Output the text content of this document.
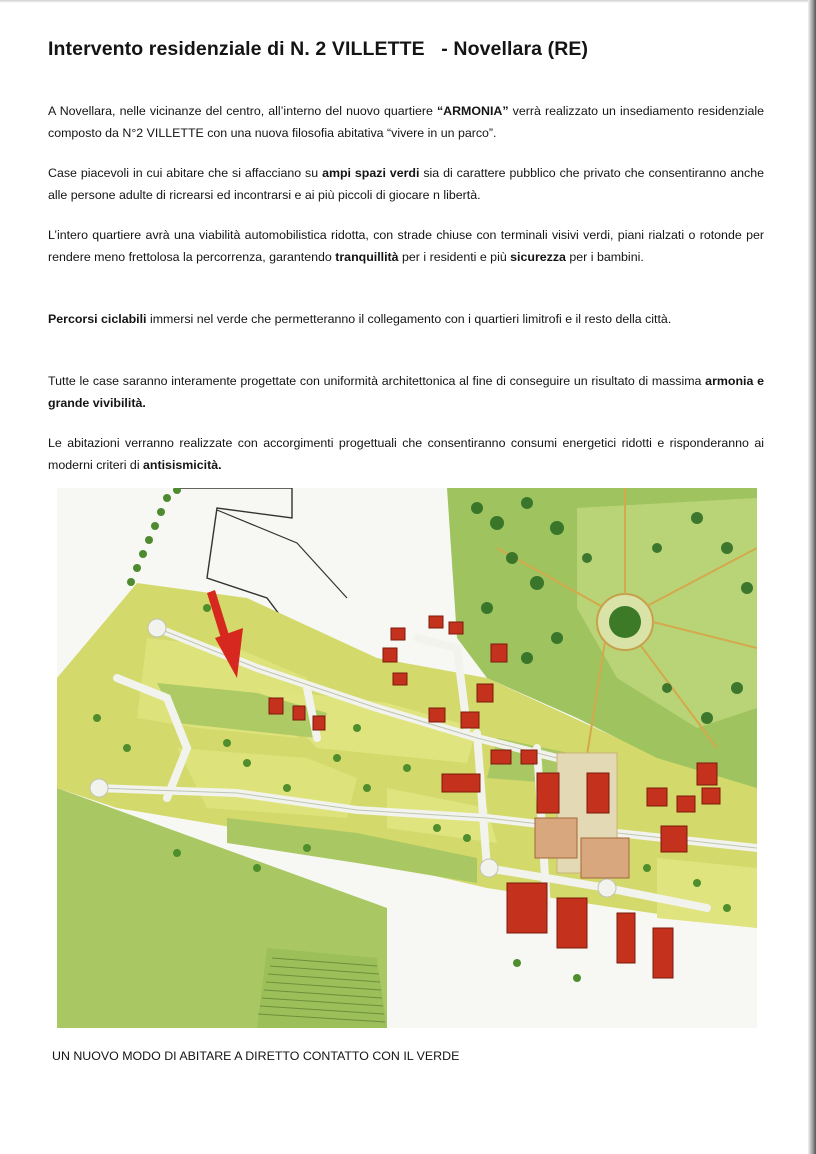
Intervento residenziale di N. 2 VILLETTE   - Novellara (RE)

A Novellara, nelle vicinanze del centro, all’interno del nuovo quartiere “ARMONIA” verrà realizzato un insediamento residenziale composto da N°2 VILLETTE con una nuova filosofia abitativa “vivere in un parco”.

Case piacevoli in cui abitare che si affacciano su ampi spazi verdi sia di carattere pubblico che privato che consentiranno anche alle persone adulte di ricrearsi ed incontrarsi e ai più piccoli di giocare n libertà.

L’intero quartiere avrà una viabilità automobilistica ridotta, con strade chiuse con terminali visivi verdi, piani rialzati o rotonde per rendere meno frettolosa la percorrenza, garantendo tranquillità per i residenti e più sicurezza per i bambini.

Percorsi ciclabili immersi nel verde che permetteranno il collegamento con i quartieri limitrofi e il resto della città.

Tutte le case saranno interamente progettate con uniformità architettonica al fine di conseguire un risultato di massima armonia e grande vivibilità.

Le abitazioni verranno realizzate con accorgimenti progettuali che consentiranno consumi energetici ridotti e risponderanno ai moderni criteri di antisismicità.

UN NUOVO MODO DI ABITARE A DIRETTO CONTATTO CON IL VERDE
